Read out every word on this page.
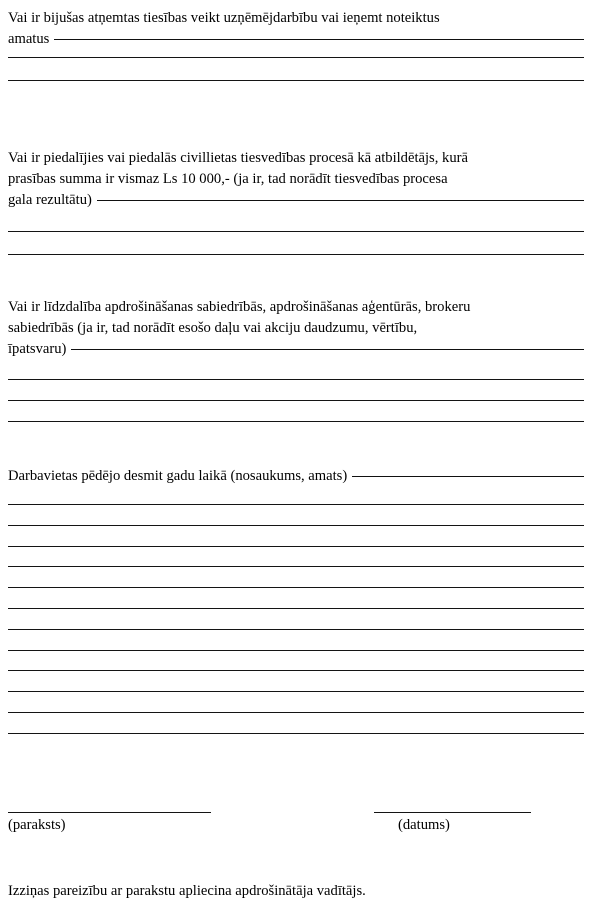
Vai ir bijušas atņemtas tiesības veikt uzņēmējdarbību vai ieņemt noteiktus

amatus

Vai ir piedalījies vai piedalās civillietas tiesvedības procesā kā atbildētājs, kurā

prasības summa ir vismaz Ls 10 000,- (ja ir, tad norādīt tiesvedības procesa

gala rezultātu)

Vai ir līdzdalība apdrošināšanas sabiedrībās, apdrošināšanas aģentūrās, brokeru

sabiedrībās (ja ir, tad norādīt esošo daļu vai akciju daudzumu, vērtību,

īpatsvaru)
Darbavietas pēdējo desmit gadu laikā (nosaukums, amats)
(paraksts)	(datums)
Izziņas pareizību ar parakstu apliecina apdrošinātāja vadītājs.
